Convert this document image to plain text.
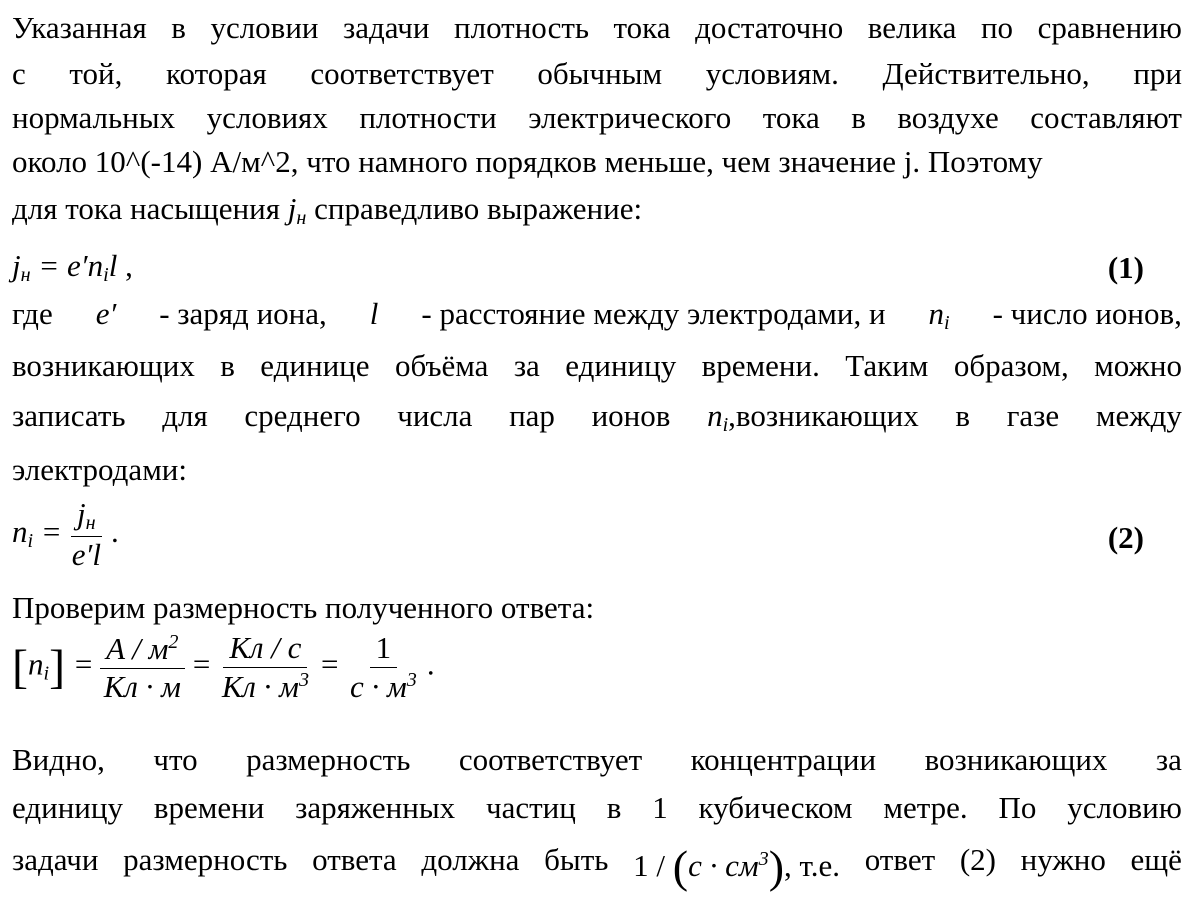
Указанная в условии задачи плотность тока достаточно велика по сравнению
с той, которая соответствует обычным условиям. Действительно, при
нормальных условиях плотности электрического тока в воздухе составляют
около 10^(-14) А/м^2, что намного порядков меньше, чем значение j. Поэтому
для тока насыщения $j_н$ справедливо выражение:
$j_н = e'n_il$ ,	(1)
где e′ - заряд иона, l - расстояние между электродами, и $n_i$ - число ионов,
возникающих в единице объёма за единицу времени. Таким образом, можно
записать для среднего числа пар ионов $n_i,возникающих$ в газе между
электродами:
$n_i = \frac{j_н}{e'l}$ .	(2)
Проверим размерность полученного ответа:
$[n_i] = \frac{A / м^2}{Кл \cdot м} = \frac{Кл / с}{Кл \cdot м^3} = \frac{1}{с \cdot м^3}$ .
Видно, что размерность соответствует концентрации возникающих за
единицу времени заряженных частиц в 1 кубическом метре. По условию
задачи размерность ответа должна быть $1 / (с \cdot см^3)$, т.е. ответ (2) нужно ещё
